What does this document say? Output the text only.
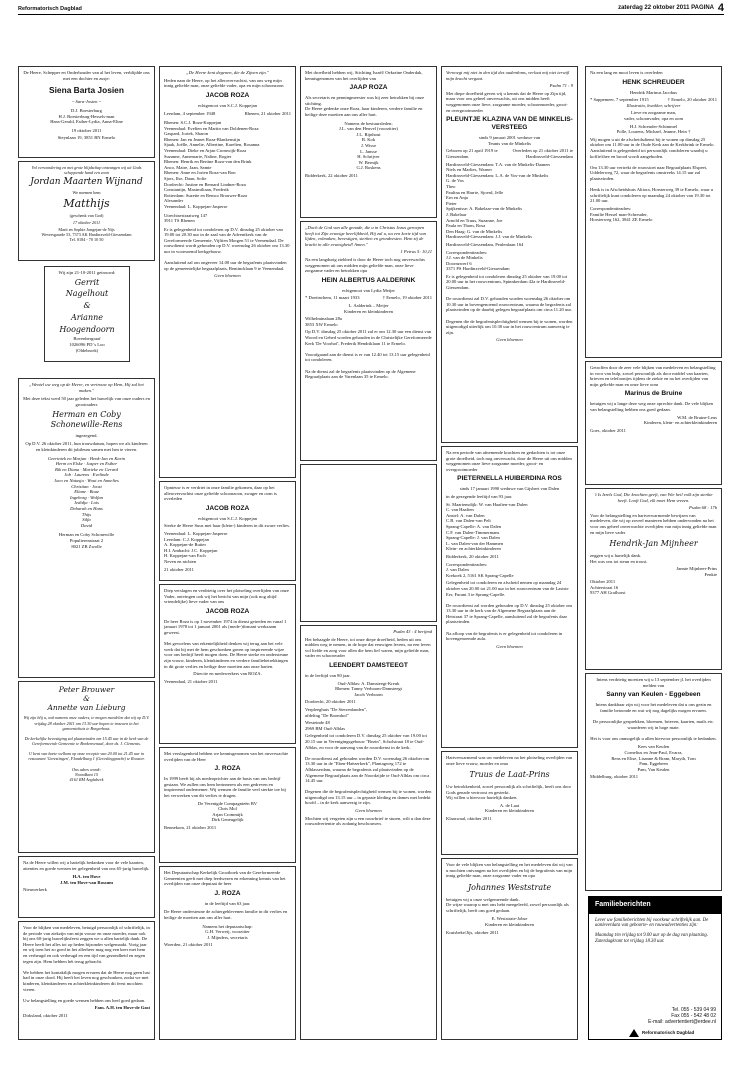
Reformatorisch Dagblad	zaterdag 22 oktober 2011 PAGINA 4

De Heere, Schepper en Onderhouder van al het leven, verblijdde ons met een dochter en zusje:

Siena Barta Josien

~ Sara-Josien ~

D.J. Boesterburg
H.J. Boesterburg-Hessels-man
Hans-Gerald, Esther-Lydia, Anna-Eline

19 oktober 2011

Steynlaan 19, 3851 BN Ermelo

Vol verwondering en met grote blijdschap ontvangen wij uit Gods scheppende hand een zoon

Jordan Maarten Wijnand

We noemen hem

Matthijs

(geschenk van God)

17 oktober 2011

Marit en Sophie Jongejan-de Nijs
Weversgaarde 53, 7373 AK Hardinxveld-Giessendam
Tel. 0184 - 70 10 50

Wij zijn 21-10-2011 getrouwd:

Gerrit

Nagelhout

&

Arianne

Hoogendoorn

Bovenbergraaf
1026096 PD 's Loo
(Oldebroek)

„Wentel uw weg op de Heere, en vertrouw op Hem, Hij zal het maken."

Met deze tekst werd 50 jaar geleden het huwelijk van onze ouders en grootouders

Herman en Coby
Schonewille-Rens

ingezegend.

Op D.V. 26 oktober 2011, hun trouwdatum, hopen we als kinderen en kleinkinderen dit jubileum samen met hen te vieren.

Geertniek en Marjan · Henk-Jan en Karin
Herm en Elske · Jasper en Esther
Bik en Diana · Marieke en Gerard
Job · Laurens · Evelinde
Jaco en Natasja · Wout en Annelies
Christian · Joost
Eliane · Boaz
Ingeborg · Wolfan
Jedidja · Lois
Debarah en Hans
Thijs
Silfa
David

Herman en Coby Schonewille
Populierenstraat 2
8021 ZB Zwolle

Peter Brouwer
&
Annette van Lieburg

Wij zijn blij u, ook namens onze ouders, te mogen meedelen dat wij op D.V. vrijdag 28 oktober 2011 om 13.30 uur hopen te trouwen in het gemeentehuis te Borgerhout.

De kerkelijke bevestiging zal plaatsvinden om 15.45 uur in de kerk van de Gereformeerde Gemeente te Borkenvenaal, door ds. J. Clements.

U bent van harte welkom op onze receptie van 20.00 tot 21.45 uur in restaurant 'Gerestingen', Flandelburg 1 (Gereslinggracht) te Rooster.

Ons adres wordt:
Noordkant 15
4161 RM Anglaberk

Na de Heere willen wij u hartelijk bedanken voor de vele kaarten, attenties en goede wensen ter gelegenheid van ons 65-jarig huwelijk.

H.A. ten Hove
J.M. ten Hove-van Rossum

Nieuwerkerk

Voor de blijken van medeleven, betuigd persoonlijk of schriftelijk, in de periode van ziekzijn van mijn vrouw en onze moeder, maar ook bij ons 60-jarig huwelijksfeest zeggen we u allen hartelijk dank. De Heere heeft het alles tot op heden bijzonder welgemaakt. Vorig jaar en wij toen het zo goed in het allerheer mag nog een keer met hem en verheugd en ook verheugd en een tijd van gezondheid en zegen tegen zijn. Hem hebben hét terug gebracht.

We hebben het kontaktlijk mogen ervaren dat de Heere nog geen lust had in onze dood. Hij heeft het leven nog geschonken, zodat we met kinderen, kleinkinderen en achterkleinkinderen dit feest mochten vieren.

Uw belangstelling en goede wensen hebben ons heel goed gedaan.

Fam. A.H. ten Hove-de Gast

Dirksland, oktober 2011

„De Heere kent degenen, die de Zijnen zijn."

Heden nam de Heere, op het allerovervachtst, van ons weg mijn innig geliefde man, onze geliefde vader, opa en mijn schoonzoon

JACOB ROZA

echtgenoot van S.C.J. Koppejan

Leerdam, 4 september 1948	Rhenen, 21 oktober 2011

Rhenen: S.C.J. Roza-Koppejan
Veenendaal: Evelien en Martin van Doldenen-Roza
Gaspard, Joriek, Sharon
Rhenen: Jan en Jeanet Roza-Blankenstijn
Sjaak, Joëlle, Annelie, Albertine, Karelien, Rosanna
Veenendaal: Dieke en Arjan Cromwijk-Roza
Suzanne, Annemarie, Naline, Rogier
Rhenen: Henrik en Bertine Roza-van den Brink
Anco, Maire, Jaan, Samie
Rhenen: Anne en Jorien Roza-van Bon
Sjors, Ilse, Daan, Sofie
Dordrecht: Justine en Bernard Lindner-Roza
Constantijn, Maximiliaan, Frederik
Rotterdam: Suzette en Remco Brouwer-Roza
Alexander
Veenendaal: L. Koppejan-Jasperse

Utrechtsestraatweg 147
3911 TS Rhenen

Er is gelegenheid tot condoleren op D.V. dinsdag 25 oktober van 19.00 tot 20.30 uur in de zaal van de Adventkerk van de Gereformeerde Gemeente, Vijftien Morgen 51 te Veenendaal. De rouwdienst wordt gehouden op D.V. woensdag 26 oktober om 13.30 uur in voornoemd kerkgebouw.

Aansluitend zal om ongeveer 14.00 uur de begrafenis plaatsvinden op de gemeentelijke begraafplaats, Bentincklaan 9 te Veenendaal.

Geen bloemen

Opnieuw is er verdriet in onze familie gekomen, daar op het allerovervachtst onze geliefde schoonzoon, zwager en oom is overleden

JACOB ROZA

echtgenoot van S.C.J. Koppejan

Sterke de Heere Suus met haar (klein-) kinderen in dit zware verlies.

Veenendaal: L. Koppejan-Jasperse
Leerdam: C.J. Koppejan
A. Koppejan-de Ruiter
H.I. Ambacht: J.C. Koppejan
H. Koppejan-van Esch
Neven en nichten

21 oktober 2011

Diep verslagen en verdrietig over het plotseling overlijden van onze Vader, ontvingen ook wij het bericht van mijn (ook nog altijd vriendelijke) lieve vader van ons

JACOB ROZA

De heer Roza is op 1 november 1974 in dienst getreden en vanaf 1 januari 1978 tot 1 januari 2001 als (mede-)firmant werkzaam geweest.

Met gevoelens van erkentelijkheid denken wij terug aan het vele werk dat hij met de hem geschonken gaven op inspirerende wijze voor ons bedrijf heeft mogen doen. De Heere sterke en ondersteune zijn vrouw, kinderen, kleinkinderen en verdere familiebetrekkingen in dit grote verlies en heilige deze moeiten aan onze harten.

Directie en medewerkers van ROZA.

Veenendaal, 21 oktober 2011

Met verslagenheid hebben we kennisgenomen van het onverwachte overlijden van de Heer

J. ROZA

In 1999 heeft hij als medeoprichter aan de basis van ons bedrijf gestaan. We zullen ons hem herinneren als een gedreven en inspirerend ondernemer. Wij wensen de familie veel sterkte toe bij het verwerken van dit verlies te dragen.

De Verenigde Compagnieën BV
Chris Mol
Arjan Crommijk
Dirk Geneugelijk

Bennekom, 21 oktober 2011

Het Deputaatschap Kerkelijk Grootboek van de Gereformeerde Gemeenten geeft met diep leedwezen en erkenning kennis van het overlijden van onze deputaat de heer

J. ROZA

in de leeftijd van 63 jaar.

De Heere ondersteune de achtergeblevenen familie in dit verlies en heilige de moeiten aan ons aller hart.

Namens het deputaatschap:
G.H. Verweij, voorzitter
J. Mijnders, secretaris

Woerden, 21 oktober 2011

Met droefheid hebben wij, Stichting Israël/ Oekraïne Onderdak, kennisgenomen van het overlijden van

JAAP ROZA

Als secretaris en penningmeester was hij zeer betrokken bij onze stichting.
De Heere gedenke onze Roza, haar kinderen, verdere familie en heilige deze moeiten aan ons aller hart.

Namens de bestuursleden;
J.L. van den Heuvel (voorzitter)
J.L. Rijnhout
B. Kok
J. Wisse
L. Jansse
H. Schrijver
W. Bernijk
G.J. Roskens

Ridderkerk, 22 oktober 2011

„Doch de God van alle genade, die u in Christus Jezus geroepen heeft tot Zijn eeuwige heerlijkheid, Hij zal u, na een korte tijd van lijden, volmaken, bevestigen, sterken en grondvesten. Hem zij de kracht in alle eeuwigheid! Amen."

1 Petrus 5: 10,11

Na een langdurig ziekbed is door de Heere toch nog onverwachts weggenomen uit ons midden mijn geliefde man, onze lieve zorgzame vader en betrokken opa

HEIN ALBERTUS AALDERINK

echtgenoot van Lydia Meijer

* Doetinchem, 11 maart 1933	† Ermelo, 19 oktober 2011

L. Aalderink – Meijer
Kinderen en kleinkinderen

Wilhelminalaan 28a
3853 XW Ermelo

Op D.V. dinsdag 25 oktober 2011 zal er om 12.30 uur een dienst van Woord en Gebed worden gehouden in de Christelijke Gereformeerde Kerk 'De Voorhof', Frederik Hendriklaan 11 te Ermelo.

Voorafgaand aan de dienst is er van 12.40 tot 13.15 uur gelegenheid tot condoleren.

Na de dienst zal de begrafenis plaatsvinden op de Algemene Begraafplaats aan de Varenlaan 35 te Ermelo.

Psalm 43 : 4 berijmd

Het behaagde de Heere, tot onze diepe droefheid, heden uit ons midden weg te nemen, in de hope dat eeuwigen levens, na een leven vol liefde en zorg voor allen die hem lief waren, mijn geliefde man, vader en schoonvader

LEENDERT DAMSTEEGT

in de leeftijd van 80 jaar.

Oud-Alblas: A. Damsteegt-Kreuk
Rhenen: Tanny Verboom-Damsteegt
Jacob Verboom

Dordrecht, 20 oktober 2011

Verpleeghuis "De Sterrenlanden",
afdeling "De Boomhof"

Westeinde 48
2969 BM Oud-Alblas

Gelegenheid tot condoleren D.V. dinsdag 25 oktober van 19.00 tot 20.15 uur in Verenigingsgebouw "Bezin", Scholstraat 18 te Oud-Alblas, en voor de aanvang van de rouwdienst in de kerk.

De rouwdienst zal gehouden worden D.V. woensdag 26 oktober om 13.30 uur in de "Eben-Haëzerkerk", Plantagweg 172 te Alblasserdam, waarna de begrafenis zal plaatsvinden op de Algemene Begraafplaats aan de Noordzijde te Oud-Alblas om circa 14.45 uur.

Degenen die de begrafenisplechtigheid wensen bij te wonen, worden uitgenodigd om 13.15 uur – in gepaste kleding en dames met bedekt hoofd – in de kerk aanwezig te zijn.

Geen bloemen

Mochten wij vergeten zijn u een rouwbrief te sturen, wilt u dan deze rouwadvertentie als zodanig beschouwen.

Vernoegt mij niet in den tijd des ouderdoms, verlaat mij niet terwijl mijn kracht vergaat.

Psalm 71 : 9

Met diepe droefheid geven wij u kennis dat de Heere op Zijn tijd, maar voor ons geheel onverwachts, uit ons midden heeft weggenomen onze lieve, zorgzame moeder, schoonmoeder, groot- en overgrootmoeder

PLEUNTJE KLAZINA VAN DE MINKELIS-VERSTEEG

sinds 9 januari 2001 weduwe van
Teunis van de Minkelis

Geboren op 21 april 1919 te Giessendam
Overleden op 21 oktober 2011 te Hardinxveld-Giessendam

Hardinxveld-Giessendam: T.A. van de Minkelis-Daanen
Niels en Marlies, Warner
Hardinxveld-Giessendam: L.A. de Vos-van de Minkelis
G. de Vos
Theo
Paulina en Harrie, Sjoerd, Jelle
Ern en Anja
Pieter
Spijkenisse: A. Bakelaar-van de Minkelis
J. Bakelaar
Arnold en Truus, Suzanne, Joe
Paula en Thom, Rosa
Den Haag: G. van de Minkelis
Hardinxveld-Giessendam: J.J. van de Minkelis

Hardinxveld-Giessendam, Peulenlaan 164

Correspondentieadres:
J.J. van de Minkelis
Doornzwerf 6
3371 PS Hardinxveld-Giessendam

Er is gelegenheid tot condoleren dinsdag 25 oktober van 19.00 tot 20.00 uur in het rouwcentrum, Spinnkerdam 42a te Hardinxveld-Giessendam.

De rouwdienst zal D.V. gehouden worden woensdag 26 oktober om 10.30 uur in bovengenoemd rouwcentrum, waarna de begrafenis zal plaatsvinden op de daarbij gelegen begraafplaats om circa 11.20 uur.

Degenen die de begrafenisplechtigheid wensen bij te wonen, worden uitgenodigd uiterlijk om 10.30 uur in het rouwcentrum aanwezig te zijn.

Geen bloemen

Na een periode van afnemende krachten en gedachten is tot onze grote droefheid, toch nog onverwacht, door de Heere uit ons midden weggenomen onze lieve zorgzame moeder, groot- en overgrootmoeder

PIETERNELLA HUIBERDINA ROS

sinds 17 januari 1990 weduwe van Gijsbert van Dalen

in de gezegende leeftijd van 93 jaar.

St. Maartensdijk: W. van Haaften-van Dalen
C. van Haaften
Ansiel: A. van Dalen
C.B. van Dalen-van Pelt
Sprang-Capelle: A. van Dalen
C.F. van Dalen-Timmermans
Sprang-Capelle: J. van Dalen
L. van Dalen-van der Hammen
Klein- en achterkleinkinderen

Ridderkerk, 20 oktober 2011

Correspondentieadres:
J. van Dalen
Krekoek 2, 5161 SK Sprang-Capelle

Gelegenheid tot condoleren en afscheid nemen op maandag 24 oktober van 20.00 tot 21.00 uur in het rouwcentrum van de Lastste Eer, Furant 3 te Sprang-Capelle.

De rouwdienst zal worden gehouden op D.V. dinsdag 25 oktober om 13.30 uur in de kerk van de Algemene Begraafplaats aan de Heistraat 37 te Sprang-Capelle, aansluitend zal de begrafenis daar plaatsvinden.

Na afloop van de begrafenis is er gelegenheid tot condoleren in bovengenoemde aula.

Geen bloemen

Hartverwarmend was uw medeleven na het plotseling overlijden van onze lieve vrouw, moeder en oma

Truus de Laat-Prins

Uw betrokkenheid, zowel persoonlijk als schriftelijk, heeft ons door Gods genade vertroost en gesterkt.
Wij willen u hiervoor hartelijk danken.

A. de Laat
Kinderen en kleinkinderen

Klaaswaal, oktober 2011

Voor de vele blijken van belangstelling en het medeleven dat wij van u mochten ontvangen na het overlijden en bij de begrafenis van mijn innig geliefde man, onze zorgzame vader en opa

Johannes Weststrate

betuigen wij u onze welgemeende dank.
De wijze waarop u met ons hebt meegeleefd, zowel persoonlijk als schriftelijk, heeft ons goed gedaan.

E. Weststrate-Jobse
Kinderen en kleinkinderen

Kruisbeke/Jijs, oktober 2011

Na een lang en mooi leven is overleden

HENK SCHREUDER

Hendrik Marinus Jacobus

* Sappemeer, 7 september 1915	† Ermelo, 20 oktober 2011

Illustratio, kwekker, schrijver

Lieve en zorgzame man,
vader, schoonvader, opa en oom

H.J. Schreuder-Schimmel
Polle, Lourens, Michael, Jeanne, Hein †

Wij mogen u uit de afscheidsdienst bij te wonen op dinsdag 25 oktober om 11.00 uur in de Oude Kerk aan de Kerkbrink te Ermelo.
Aansluitend is gelegenheid tot persoonlijk condoleren waarbij u koffie/thee en brood wordt aangeboden.

Om 13.30 uur vertrekt de rouwstoet naar Begraafplaats Elspeet, Uddelerweg 72, waar de begrafenis omstreeks 14.15 uur zal plaatsvinden.

Henk is in Afscheidshuis Altiora, Horsterweg 39 te Ermelo, waar u schriftelijk kunt condoleren op maandag 24 oktober van 19.30 tot 21.00 uur.

Correspondentieadres:
Familie Hessel man-Schreuder,
Horsterweg 162, 3841 ZE Ermelo

Getroffen door de zeer vele blijken van medeleven en belangstelling in voor van bulp, zowel persoonlijk als door middel van kaarten, brieven en telefoontjes tijdens de ziekte en na het overlijden van mijn geliefde man en onze lieve oom

Marinus de Bruine

betuigen wij u lange deze weg onze oprechte dank. De vele blijken van belangstelling hebben ons goed gedaan.

W.M. de Bruine-Leus
Kinderen, klein- en achterkleinkinderen

Goes, oktober 2011

't Is Izrels God, Die krachten geeft, van Wie heil volk zijn sterkte heeft. Looft God, elk moet Hem vrezen.

Psalm 68 : 17b

Voor de belangstelling en hartverwarmende bewijzen van medeleven, die wij op zoveel manieren hebben ondervonden na het voor ons geheel onverwachte overlijden van mijn innig geliefde man en mijn lieve vader

Hendrik-Jan Mijnheer

zeggen wij u hartelijk dank.
Het was ons tot steun en troost.

Jannie Mijnheer-Prins
Fenkie

Oktober 2011
Achterstraat 16
9377 AH Grafhorst

Intens verdrietig moesten wij u 13 september jl. het overlijden melden van

Sanny van Keulen - Eggebeen

Intens dankbaar zijn wij voor het medeleven dat u ons gezin en familie betoonde en wat wij nog dagelijks mogen ervaren.

De persoonlijke gesprekken, bloemen, brieven, kaarten, mails etc. waarderen wij in hoge mate.

Het is voor ons onmogelijk u allen hiervoor persoonlijk te bedanken.

Kees van Keulen
Cornelius en Jean-Paul, Evarra,
Rens en Elise, Lisanne & Bram, Maryth, Tom
Pam, Eggebeen
Pam, Van Keulen

Middelburg, oktober 2011

Familieberichten

Lever uw familieberichten bij voorkeur schriftelijk aan. De aanleverdata van geboorte- en rouwadvertenties zijn:

Maandag t/m vrijdag tot 9.00 uur op de dag van plaatsing. Zaterdagkrant tot vrijdag 18.30 uur.

Tel. 055 - 539 04 99
Fax 055 - 542 48 02
E-mail: advertentiert@erdee.nl
Reformatorisch Dagblad
